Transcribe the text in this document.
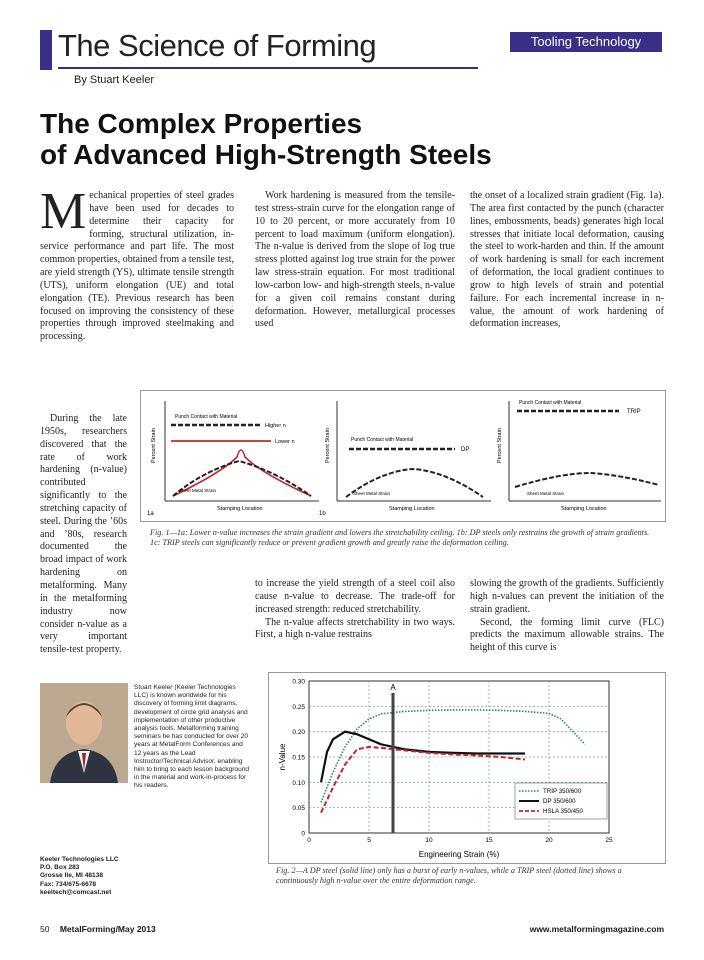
The Science of Forming	Tooling Technology
By Stuart Keeler
The Complex Properties
of Advanced High-Strength Steels

Mechanical properties of steel grades have been used for decades to determine their capacity for forming, structural utilization, in-service performance and part life. The most common properties, obtained from a tensile test, are yield strength (YS), ultimate tensile strength (UTS), uniform elongation (UE) and total elongation (TE). Previous research has been focused on improving the consistency of these properties through improved steelmaking and processing.

During the late 1950s, researchers discovered that the rate of work hardening (n-value) contributed significantly to the stretching capacity of steel. During the ’60s and ’80s, research documented the broad impact of work hardening on metalforming. Many in the metalforming industry now consider n-value as a very important tensile-test property.

Work hardening is measured from the tensile-test stress-strain curve for the elongation range of 10 to 20 percent, or more accurately from 10 percent to load maximum (uniform elongation). The n-value is derived from the slope of log true stress plotted against log true strain for the power law stress-strain equation. For most traditional low-carbon low- and high-strength steels, n-value for a given coil remains constant during deformation. However, metallurgical processes used

to increase the yield strength of a steel coil also cause n-value to decrease. The trade-off for increased strength: reduced stretchability.

The n-value affects stretchability in two ways. First, a high n-value restrains

the onset of a localized strain gradient (Fig. 1a). The area first contacted by the punch (character lines, embossments, beads) generates high local stresses that initiate local deformation, causing the steel to work-harden and thin. If the amount of work hardening is small for each increment of deformation, the local gradient continues to grow to high levels of strain and potential failure. For each incremental increase in n-value, the amount of work hardening of deformation increases,

slowing the growth of the gradients. Sufficiently high n-values can prevent the initiation of the strain gradient.

Second, the forming limit curve (FLC) predicts the maximum allowable strains. The height of this curve is

Punch Contact with Material
Higher n
Lower n
Sheet Metal Strain
Percent Strain
Stamping Location
1a
Punch Contact with Material
DP
Sheet Metal Strain
Percent Strain
Stamping Location
1b
Punch Contact with Material
TRIP
Sheet Metal Strain
Percent Strain
Stamping Location

Fig. 1—1a: Lower n-value increases the strain gradient and lowers the stretchability ceiling. 1b: DP steels only restrains the growth of strain gradients. 1c: TRIP steels can significantly reduce or prevent gradient growth and greatly raise the deformation ceiling.

Stuart Keeler (Keeler Technologies LLC) is known worldwide for his discovery of forming limit diagrams, development of circle grid analysis and implementation of other productive analysis tools. Metalforming training seminars he has conducted for over 20 years at MetalForm Conferences and 12 years as the Lead Instructor/Technical Advisor, enabling him to bring to each lesson background in the material and work-in-process for his readers.
Keeler Technologies LLC
P.O. Box 283
Grosse Ile, MI 48138
Fax: 734/675-6678
keeltech@comcast.net
0.30
0.25
0.20
0.15
0.10
0.05
0
0	5	10	15	20	25
A
n-Value
Engineering Strain (%)
TRIP 350/600
DP 350/600
HSLA 350/450

Fig. 2—A DP steel (solid line) only has a burst of early n-values, while a TRIP steel (dotted line) shows a continuously high n-value over the entire deformation range.

50 MetalForming/May 2013	www.metalformingmagazine.com
